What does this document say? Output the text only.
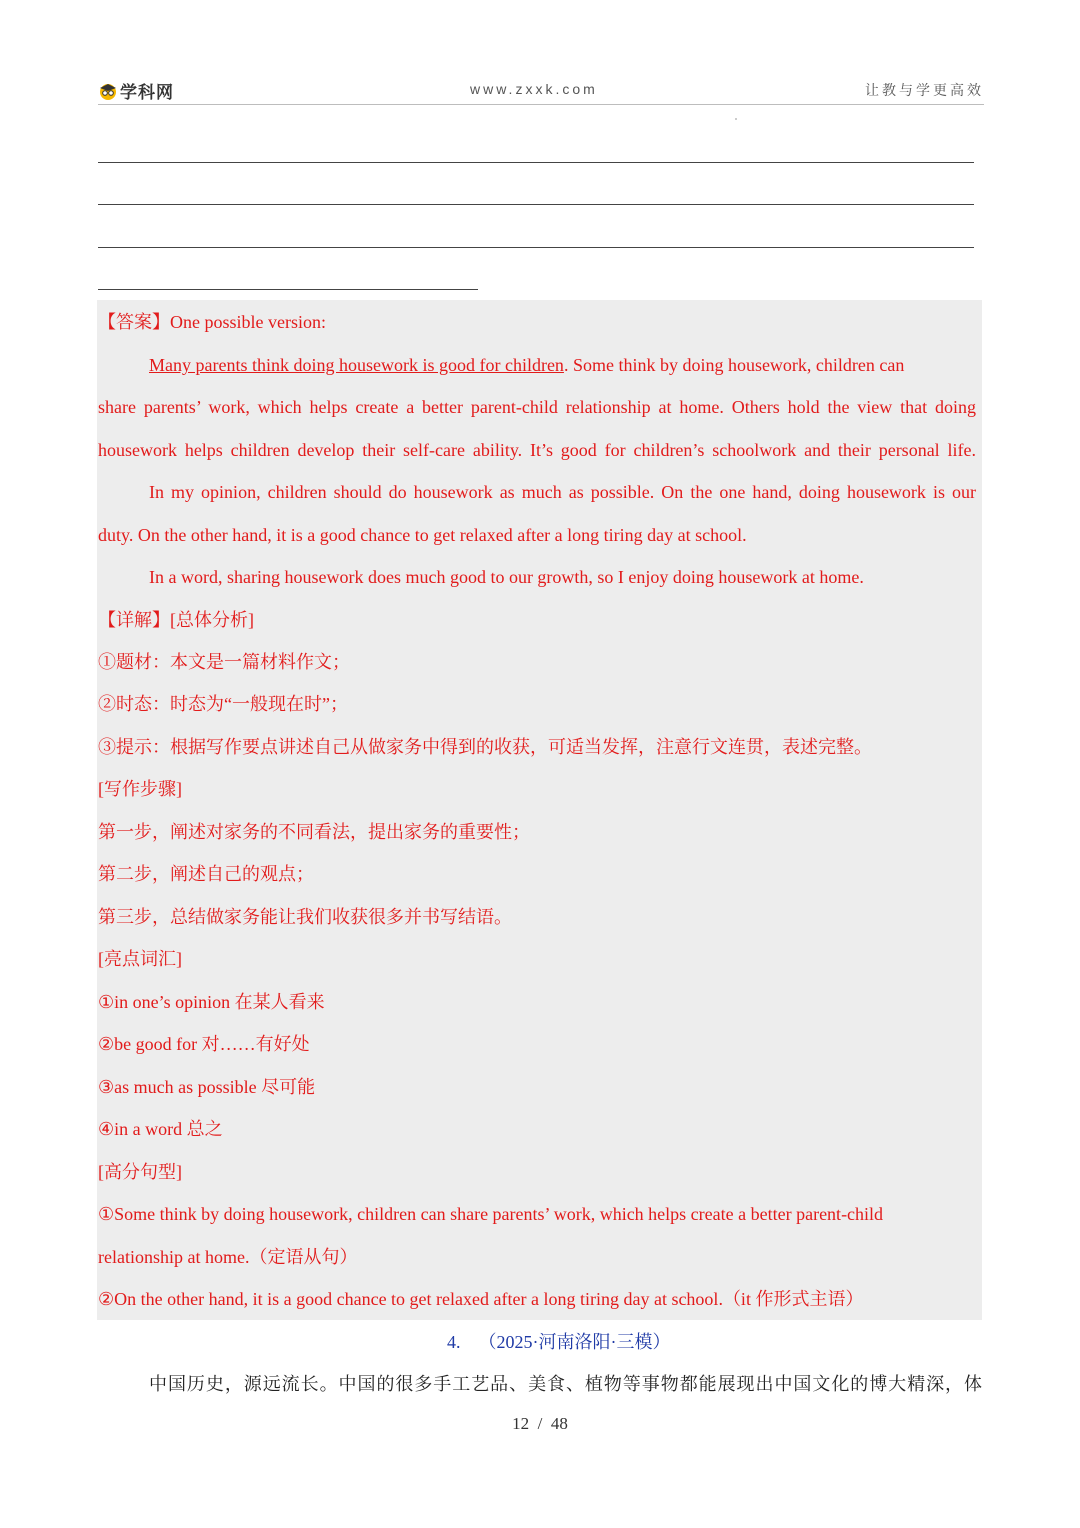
学科网	www.zxxk.com	让教与学更高效
【答案】One possible version:
Many parents think doing housework is good for children. Some think by doing housework, children can
share parents’ work, which helps create a better parent-child relationship at home. Others hold the view that doing
housework helps children develop their self-care ability. It’s good for children’s schoolwork and their personal life.
In my opinion, children should do housework as much as possible. On the one hand, doing housework is our
duty. On the other hand, it is a good chance to get relaxed after a long tiring day at school.
In a word, sharing housework does much good to our growth, so I enjoy doing housework at home.
【详解】[总体分析]
①题材：本文是一篇材料作文；
②时态：时态为“一般现在时”；
③提示：根据写作要点讲述自己从做家务中得到的收获，可适当发挥，注意行文连贯，表述完整。
[写作步骤]
第一步，阐述对家务的不同看法，提出家务的重要性；
第二步，阐述自己的观点；
第三步，总结做家务能让我们收获很多并书写结语。
[亮点词汇]
①in one’s opinion 在某人看来
②be good for 对……有好处
③as much as possible 尽可能
④in a word 总之
[高分句型]
①Some think by doing housework, children can share parents’ work, which helps create a better parent-child
relationship at home.（定语从句）
②On the other hand, it is a good chance to get relaxed after a long tiring day at school.（it 作形式主语）
4. （2025·河南洛阳·三模）
中国历史，源远流长。中国的很多手工艺品、美食、植物等事物都能展现出中国文化的博大精深，体
12 / 48
